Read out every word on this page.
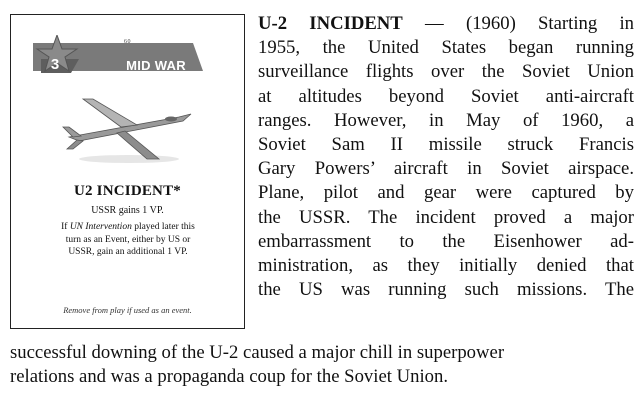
60
3	MID WAR
U2 INCIDENT*
USSR gains 1 VP.
If UN Intervention played later this
turn as an Event, either by US or
USSR, gain an additional 1 VP.
Remove from play if used as an event.
U-2 INCIDENT — (1960) Starting in
1955, the United States began running
surveillance flights over the Soviet Union
at altitudes beyond Soviet anti-aircraft
ranges. However, in May of 1960, a
Soviet Sam II missile struck Francis
Gary Powers’ aircraft in Soviet airspace.
Plane, pilot and gear were captured by
the USSR. The incident proved a major
embarrassment to the Eisenhower ad-
ministration, as they initially denied that
the US was running such missions. The
successful downing of the U-2 caused a major chill in superpower
relations and was a propaganda coup for the Soviet Union.
